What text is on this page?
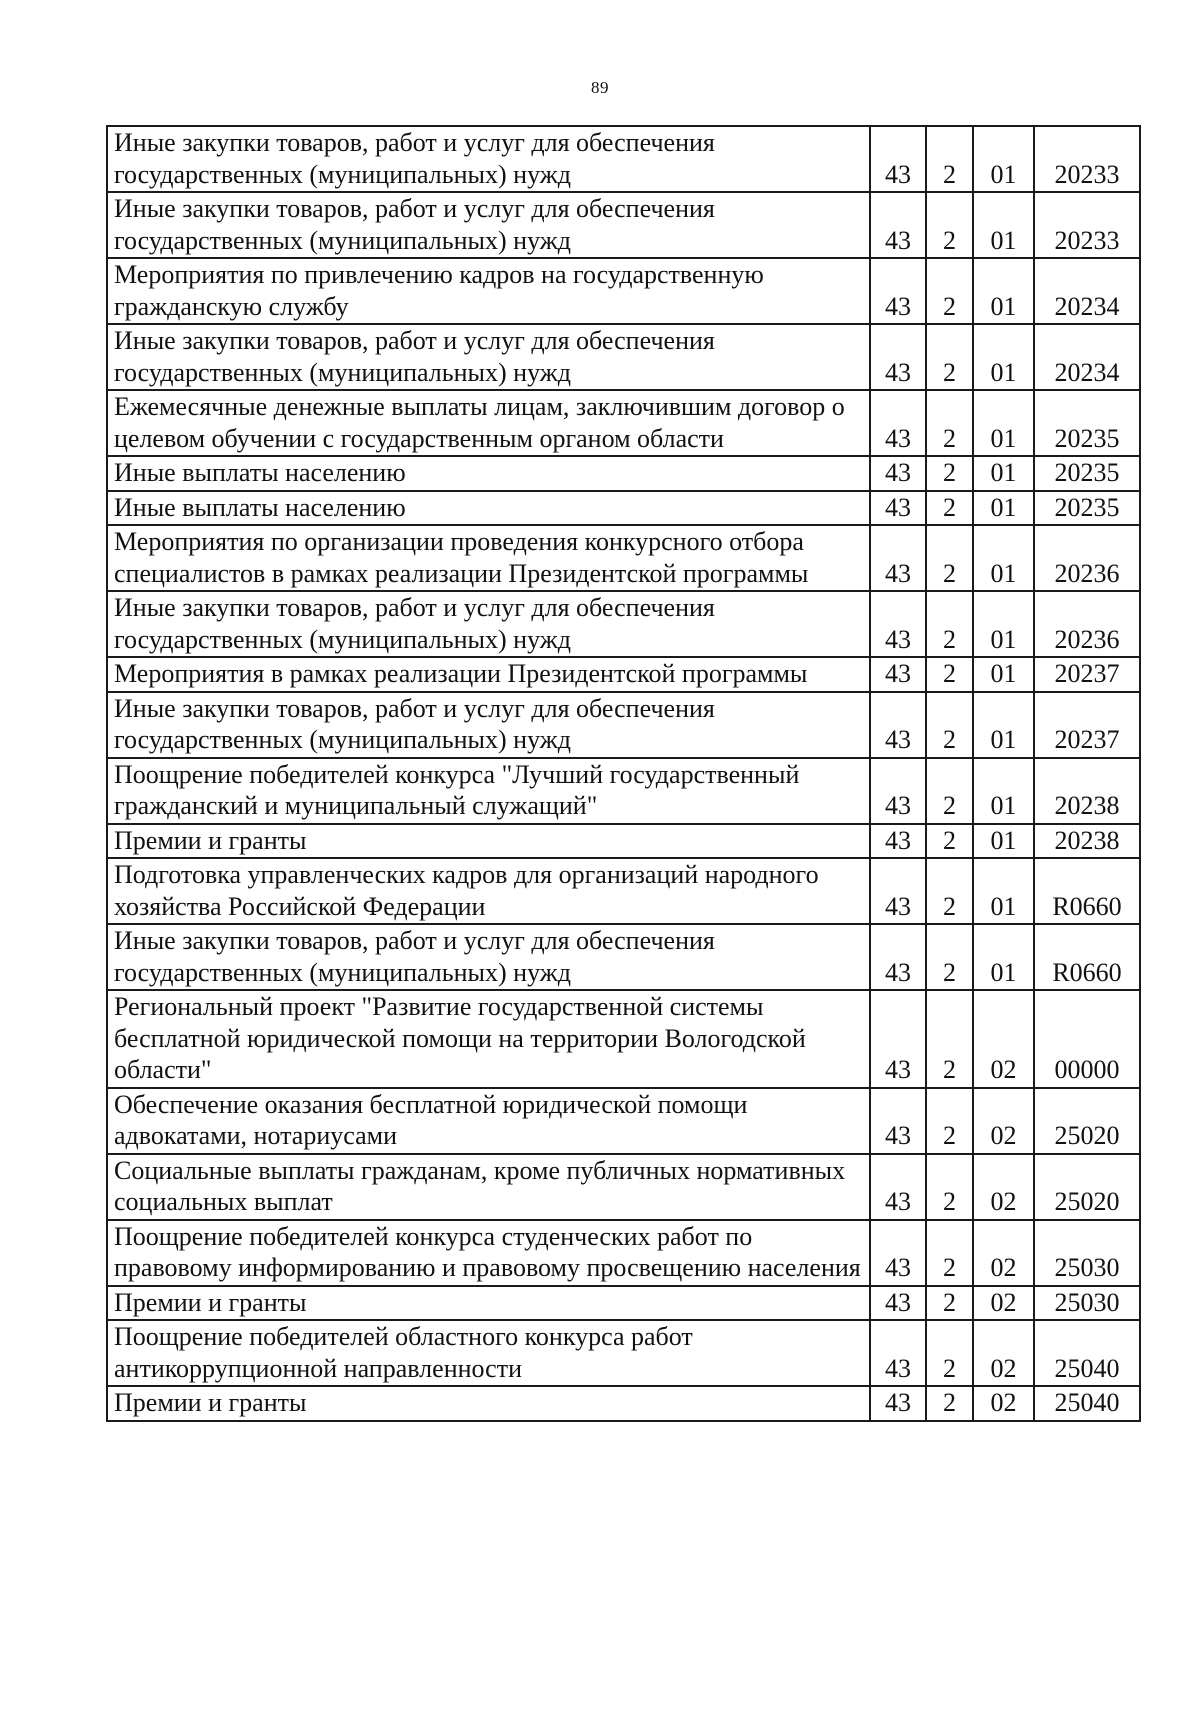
89
Иные закупки товаров, работ и услуг для обеспечения государственных (муниципальных) нужд	43	2	01	20233
Иные закупки товаров, работ и услуг для обеспечения государственных (муниципальных) нужд	43	2	01	20233
Мероприятия по привлечению кадров на государственную гражданскую службу	43	2	01	20234
Иные закупки товаров, работ и услуг для обеспечения государственных (муниципальных) нужд	43	2	01	20234
Ежемесячные денежные выплаты лицам, заключившим договор о целевом обучении с государственным органом области	43	2	01	20235
Иные выплаты населению	43	2	01	20235
Иные выплаты населению	43	2	01	20235
Мероприятия по организации проведения конкурсного отбора специалистов в рамках реализации Президентской программы	43	2	01	20236
Иные закупки товаров, работ и услуг для обеспечения государственных (муниципальных) нужд	43	2	01	20236
Мероприятия в рамках реализации Президентской программы	43	2	01	20237
Иные закупки товаров, работ и услуг для обеспечения государственных (муниципальных) нужд	43	2	01	20237
Поощрение победителей конкурса "Лучший государственный гражданский и муниципальный служащий"	43	2	01	20238
Премии и гранты	43	2	01	20238
Подготовка управленческих кадров для организаций народного хозяйства Российской Федерации	43	2	01	R0660
Иные закупки товаров, работ и услуг для обеспечения государственных (муниципальных) нужд	43	2	01	R0660
Региональный проект "Развитие государственной системы бесплатной юридической помощи на территории Вологодской области"	43	2	02	00000
Обеспечение оказания бесплатной юридической помощи адвокатами, нотариусами	43	2	02	25020
Социальные выплаты гражданам, кроме публичных нормативных социальных выплат	43	2	02	25020
Поощрение победителей конкурса студенческих работ по правовому информированию и правовому просвещению населения	43	2	02	25030
Премии и гранты	43	2	02	25030
Поощрение победителей областного конкурса работ антикоррупционной направленности	43	2	02	25040
Премии и гранты	43	2	02	25040
